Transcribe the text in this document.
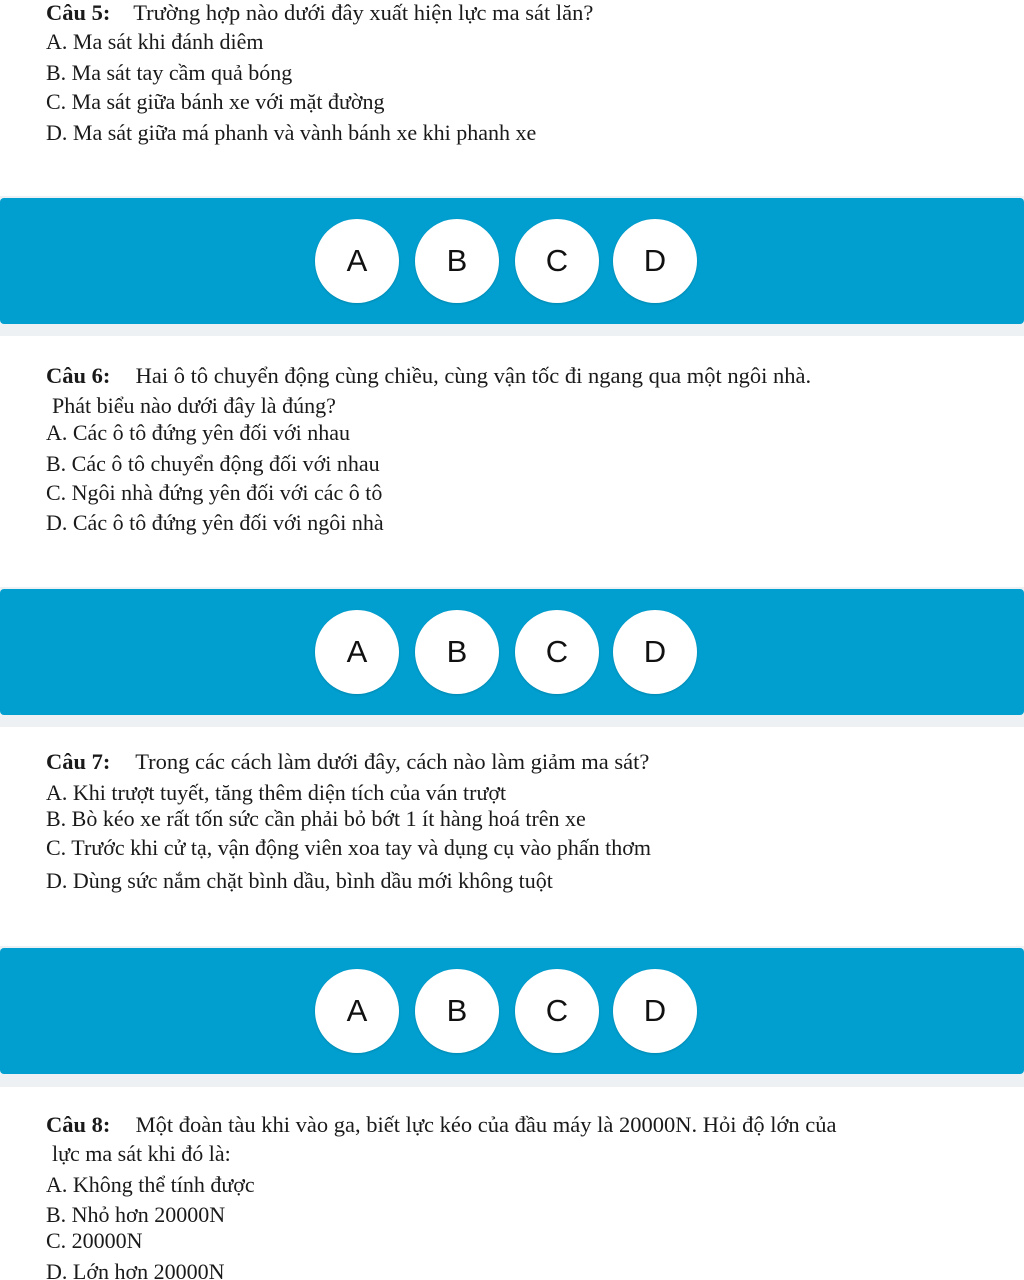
Câu 5: Trường hợp nào dưới đây xuất hiện lực ma sát lăn?
A. Ma sát khi đánh diêm
B. Ma sát tay cầm quả bóng
C. Ma sát giữa bánh xe với mặt đường
D. Ma sát giữa má phanh và vành bánh xe khi phanh xe
A	B	C	D
Câu 6: Hai ô tô chuyển động cùng chiều, cùng vận tốc đi ngang qua một ngôi nhà.
Phát biểu nào dưới đây là đúng?
A. Các ô tô đứng yên đối với nhau
B. Các ô tô chuyển động đối với nhau
C. Ngôi nhà đứng yên đối với các ô tô
D. Các ô tô đứng yên đối với ngôi nhà
A	B	C	D
Câu 7: Trong các cách làm dưới đây, cách nào làm giảm ma sát?
A. Khi trượt tuyết, tăng thêm diện tích của ván trượt
B. Bò kéo xe rất tốn sức cần phải bỏ bớt 1 ít hàng hoá trên xe
C. Trước khi cử tạ, vận động viên xoa tay và dụng cụ vào phấn thơm
D. Dùng sức nắm chặt bình dầu, bình dầu mới không tuột
A	B	C	D
Câu 8: Một đoàn tàu khi vào ga, biết lực kéo của đầu máy là 20000N. Hỏi độ lớn của
lực ma sát khi đó là:
A. Không thể tính được
B. Nhỏ hơn 20000N
C. 20000N
D. Lớn hơn 20000N
